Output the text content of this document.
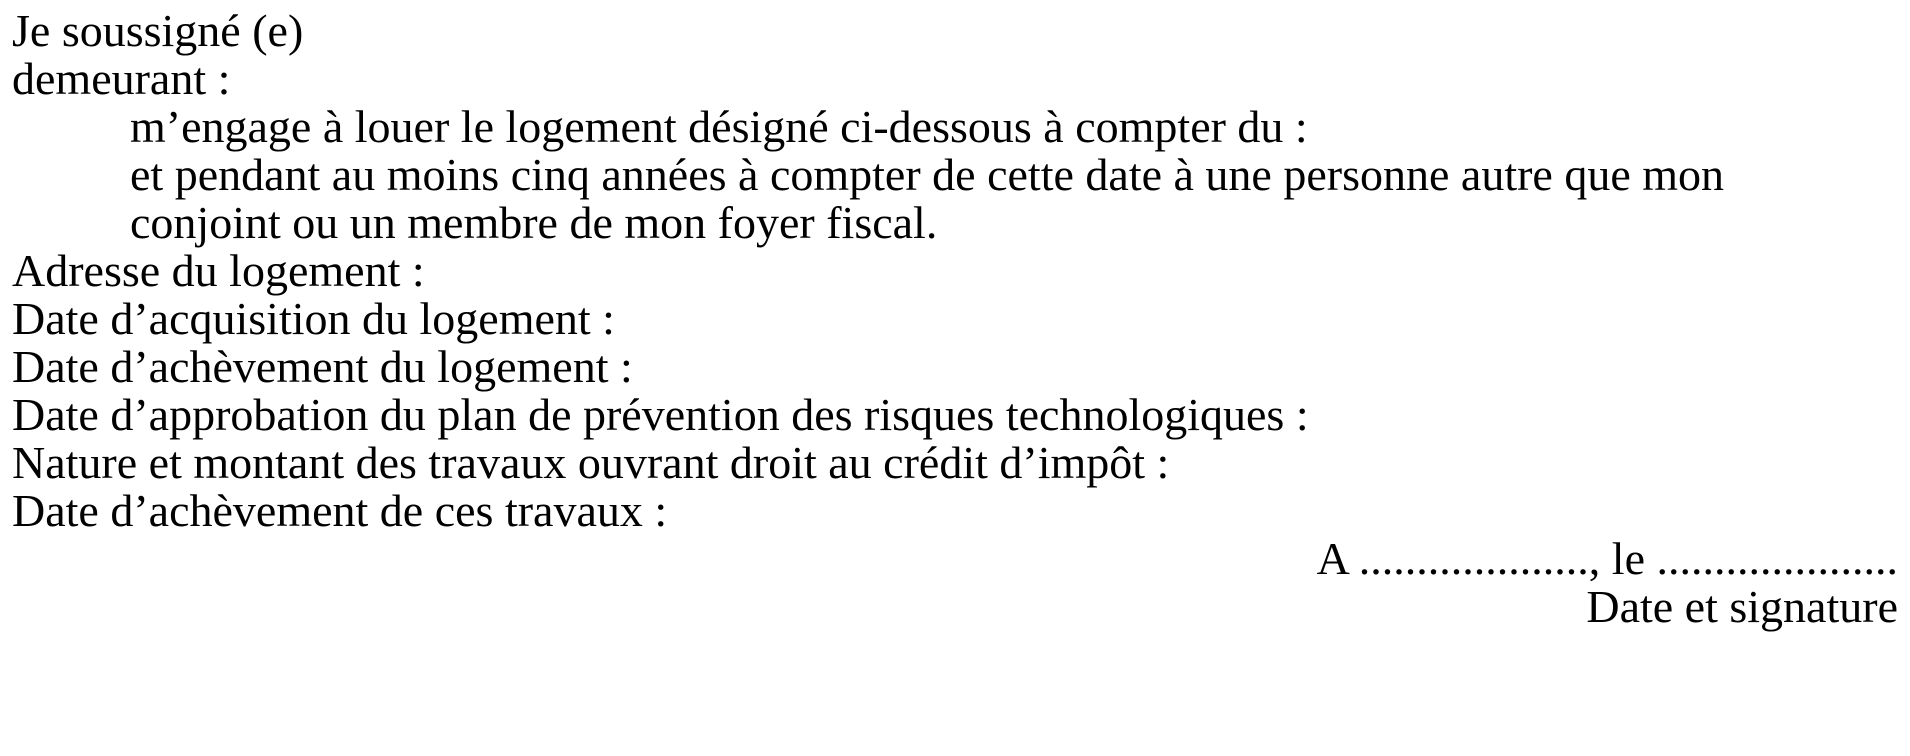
Je soussigné (e)
demeurant :
m’engage à louer le logement désigné ci-dessous à compter du :
et pendant au moins cinq années à compter de cette date à une personne autre que mon
conjoint ou un membre de mon foyer fiscal.
Adresse du logement :
Date d’acquisition du logement :
Date d’achèvement du logement :
Date d’approbation du plan de prévention des risques technologiques :
Nature et montant des travaux ouvrant droit au crédit d’impôt :
Date d’achèvement de ces travaux :
A ...................., le .....................
Date et signature
